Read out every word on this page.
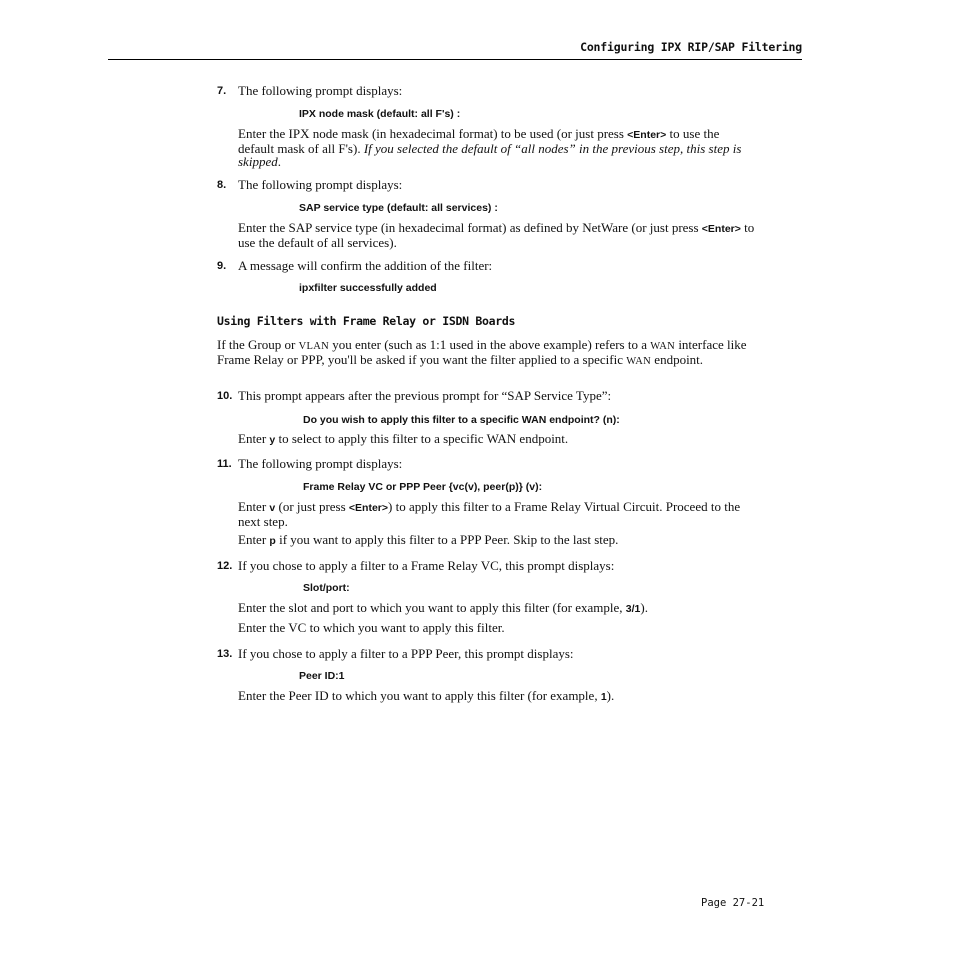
Configuring IPX RIP/SAP Filtering
7. The following prompt displays:
IPX node mask (default: all F's) :
Enter the IPX node mask (in hexadecimal format) to be used (or just press <Enter> to use the default mask of all F's). If you selected the default of “all nodes” in the previous step, this step is skipped.
8. The following prompt displays:
SAP service type (default: all services) :
Enter the SAP service type (in hexadecimal format) as defined by NetWare (or just press <Enter> to use the default of all services).
9. A message will confirm the addition of the filter:
ipxfilter successfully added
Using Filters with Frame Relay or ISDN Boards
If the Group or VLAN you enter (such as 1:1 used in the above example) refers to a WAN interface like Frame Relay or PPP, you'll be asked if you want the filter applied to a specific WAN endpoint.
10. This prompt appears after the previous prompt for “SAP Service Type”:
Do you wish to apply this filter to a specific WAN endpoint? (n):
Enter y to select to apply this filter to a specific WAN endpoint.
11. The following prompt displays:
Frame Relay VC or PPP Peer {vc(v), peer(p)} (v):
Enter v (or just press <Enter>) to apply this filter to a Frame Relay Virtual Circuit. Proceed to the next step.
Enter p if you want to apply this filter to a PPP Peer. Skip to the last step.
12. If you chose to apply a filter to a Frame Relay VC, this prompt displays:
Slot/port:
Enter the slot and port to which you want to apply this filter (for example, 3/1).
Enter the VC to which you want to apply this filter.
13. If you chose to apply a filter to a PPP Peer, this prompt displays:
Peer ID:1
Enter the Peer ID to which you want to apply this filter (for example, 1).
Page 27-21
